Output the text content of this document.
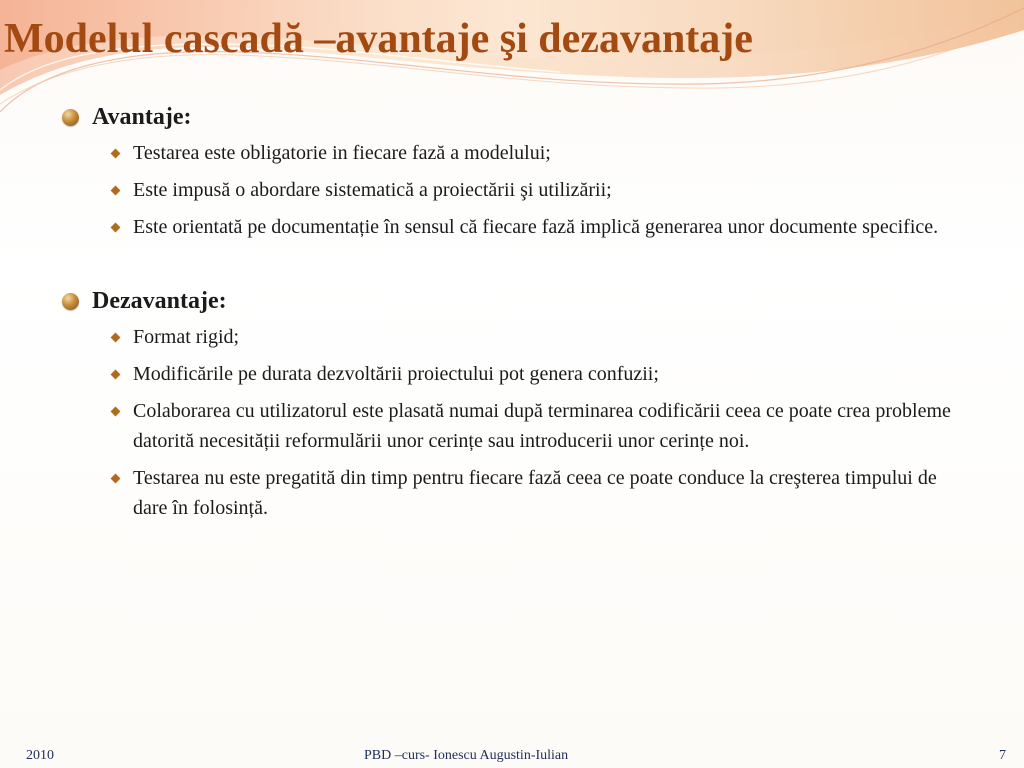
Modelul cascadă –avantaje şi dezavantaje
Avantaje:
Testarea este obligatorie in fiecare fază a modelului;
Este impusă o abordare sistematică a proiectării şi utilizării;
Este orientată pe documentație în sensul că fiecare fază implică generarea unor documente specifice.
Dezavantaje:
Format rigid;
Modificările pe durata dezvoltării proiectului pot genera confuzii;
Colaborarea cu utilizatorul este plasată numai după terminarea codificării ceea ce poate crea probleme datorită necesității reformulării unor cerințe sau introducerii unor cerințe noi.
Testarea nu este pregatită din timp pentru fiecare fază ceea ce poate conduce la creşterea timpului de dare în folosință.
2010	PBD –curs- Ionescu Augustin-Iulian	7
